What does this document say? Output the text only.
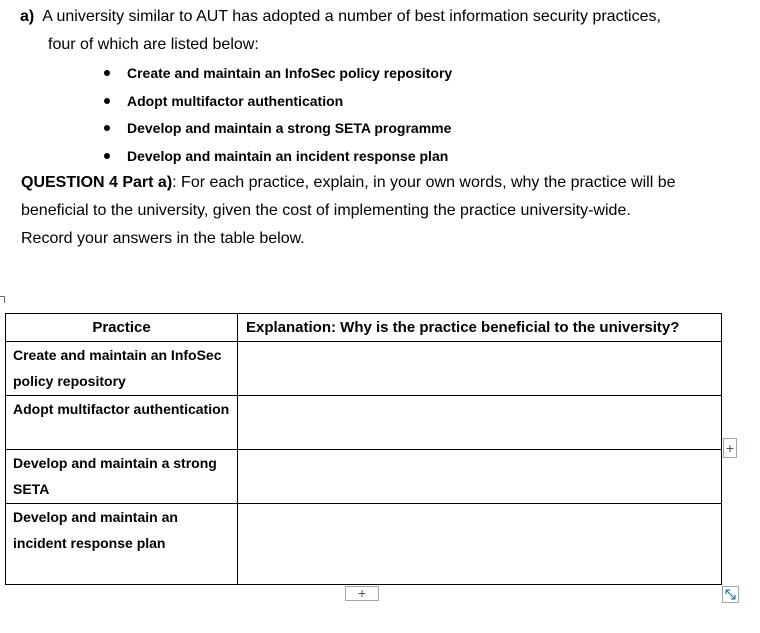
a) A university similar to AUT has adopted a number of best information security practices,
four of which are listed below:
Create and maintain an InfoSec policy repository
Adopt multifactor authentication
Develop and maintain a strong SETA programme
Develop and maintain an incident response plan
QUESTION 4 Part a): For each practice, explain, in your own words, why the practice will be
beneficial to the university, given the cost of implementing the practice university-wide.
Record your answers in the table below.
Practice	Explanation: Why is the practice beneficial to the university?
Create and maintain an InfoSec policy repository	
Adopt multifactor authentication	
Develop and maintain a strong SETA	
Develop and maintain an incident response plan	
+
+
